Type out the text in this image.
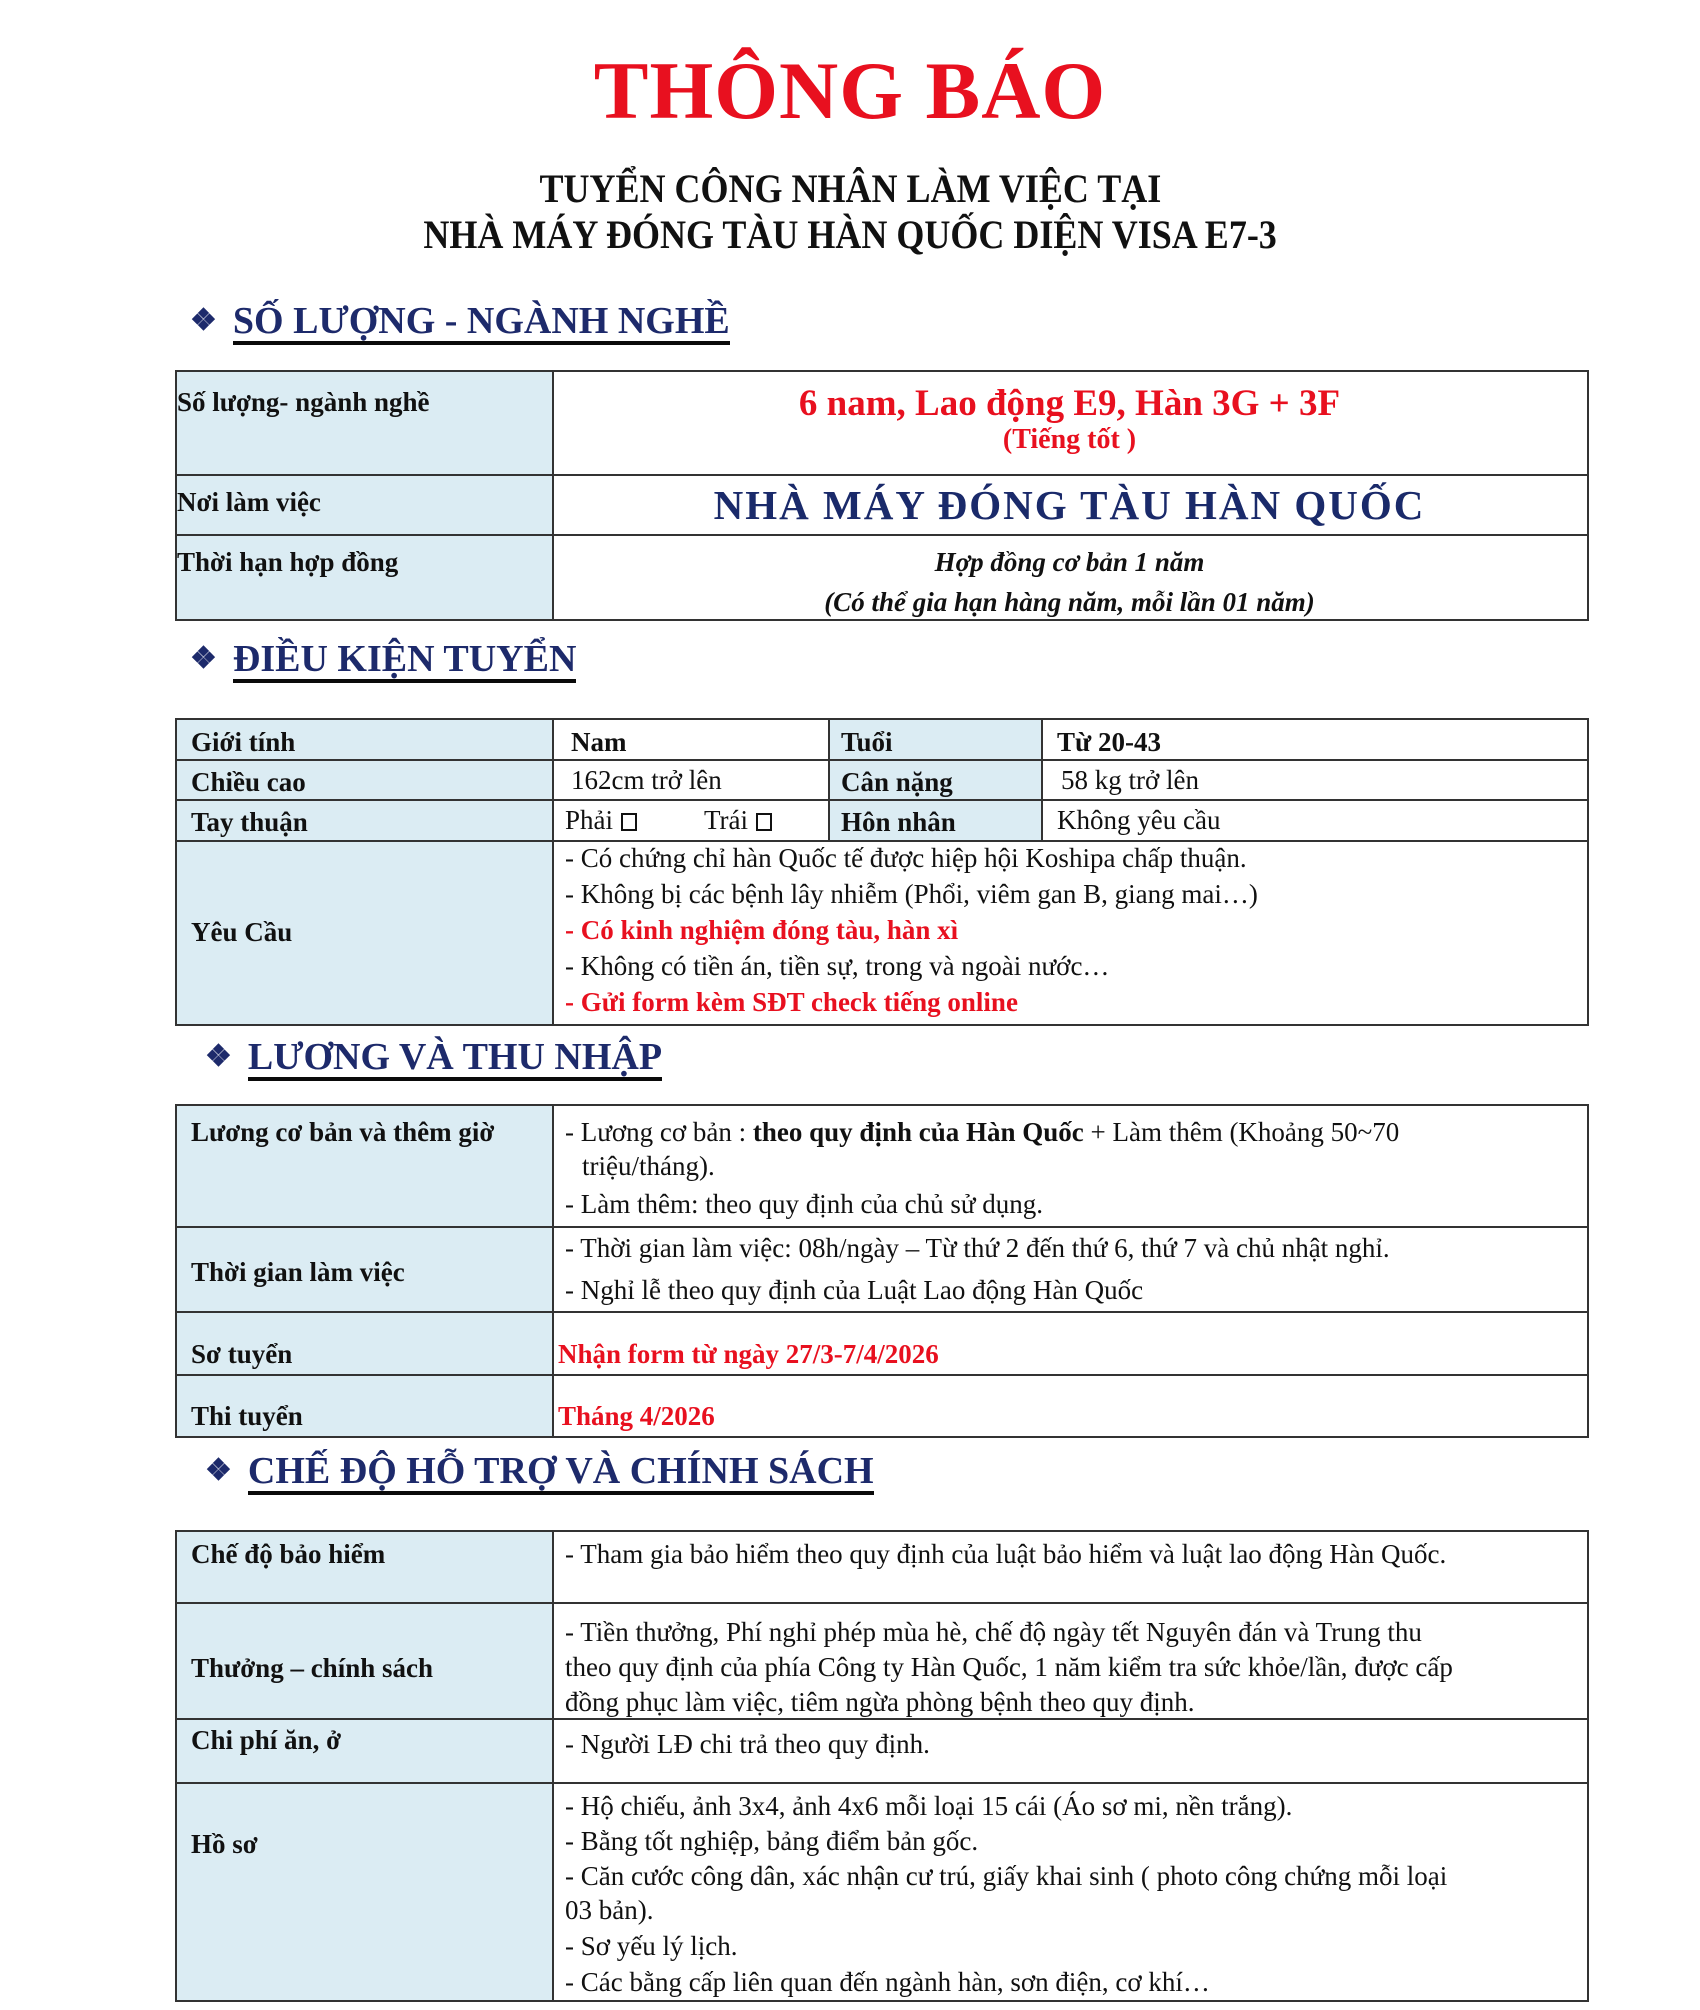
THÔNG BÁO
TUYỂN CÔNG NHÂN LÀM VIỆC TẠI
NHÀ MÁY ĐÓNG TÀU HÀN QUỐC DIỆN VISA E7-3
❖ SỐ LƯỢNG - NGÀNH NGHỀ
Số lượng- ngành nghề	6 nam, Lao động E9, Hàn 3G + 3F
(Tiếng tốt )
Nơi làm việc	NHÀ MÁY ĐÓNG TÀU HÀN QUỐC
Thời hạn hợp đồng	Hợp đồng cơ bản 1 năm
(Có thể gia hạn hàng năm, mỗi lần 01 năm)
❖ ĐIỀU KIỆN TUYỂN
Giới tính	Nam	Tuổi	Từ 20-43
Chiều cao	162cm trở lên	Cân nặng	58 kg trở lên
Tay thuận	Phải	Trái	Hôn nhân	Không yêu cầu
Yêu Cầu
- Có chứng chỉ hàn Quốc tế được hiệp hội Koshipa chấp thuận.
- Không bị các bệnh lây nhiễm (Phổi, viêm gan B, giang mai…)
- Có kinh nghiệm đóng tàu, hàn xì
- Không có tiền án, tiền sự, trong và ngoài nước…
- Gửi form kèm SĐT check tiếng online
❖ LƯƠNG VÀ THU NHẬP
Lương cơ bản và thêm giờ	- Lương cơ bản : theo quy định của Hàn Quốc + Làm thêm (Khoảng 50~70
triệu/tháng).
- Làm thêm: theo quy định của chủ sử dụng.
Thời gian làm việc
- Thời gian làm việc: 08h/ngày – Từ thứ 2 đến thứ 6, thứ 7 và chủ nhật nghỉ.
- Nghỉ lễ theo quy định của Luật Lao động Hàn Quốc
Sơ tuyển	Nhận form từ ngày 27/3-7/4/2026
Thi tuyển	Tháng 4/2026
❖ CHẾ ĐỘ HỖ TRỢ VÀ CHÍNH SÁCH
Chế độ bảo hiểm	- Tham gia bảo hiểm theo quy định của luật bảo hiểm và luật lao động Hàn Quốc.
Thưởng – chính sách
- Tiền thưởng, Phí nghỉ phép mùa hè, chế độ ngày tết Nguyên đán và Trung thu
theo quy định của phía Công ty Hàn Quốc, 1 năm kiểm tra sức khỏe/lần, được cấp
đồng phục làm việc, tiêm ngừa phòng bệnh theo quy định.
Chi phí ăn, ở	- Người LĐ chi trả theo quy định.
Hồ sơ
- Hộ chiếu, ảnh 3x4, ảnh 4x6 mỗi loại 15 cái (Áo sơ mi, nền trắng).
- Bằng tốt nghiệp, bảng điểm bản gốc.
- Căn cước công dân, xác nhận cư trú, giấy khai sinh ( photo công chứng mỗi loại
03 bản).
- Sơ yếu lý lịch.
- Các bằng cấp liên quan đến ngành hàn, sơn điện, cơ khí…
